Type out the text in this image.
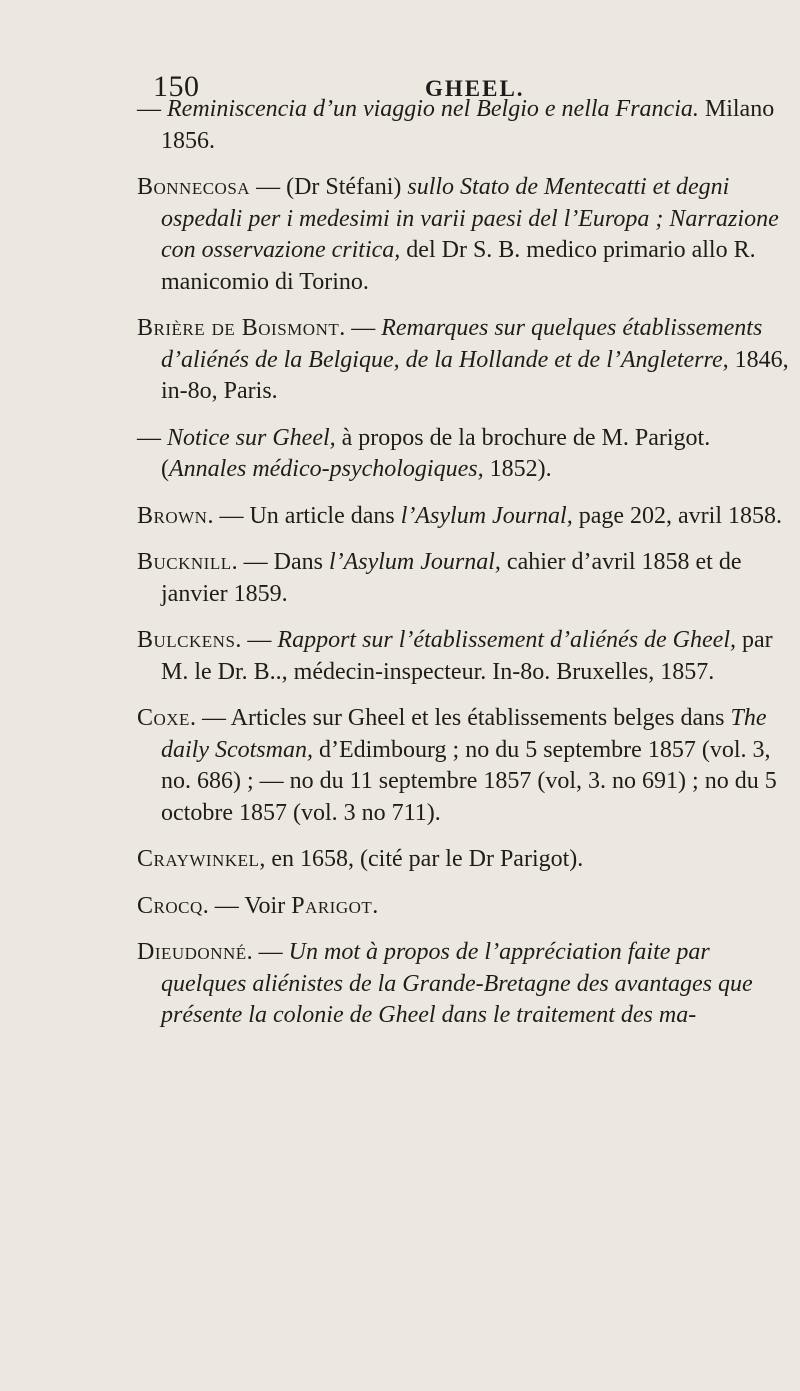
150	GHEEL.

— Reminiscencia d’un viaggio nel Belgio e nella Francia. Milano 1856.

Bonnecosa — (Dr Stéfani) sullo Stato de Mentecatti et degni ospedali per i medesimi in varii paesi del l’Europa ; Narrazione con osservazione critica, del Dr S. B. medico primario allo R. manicomio di Torino.

Brière de Boismont. — Remarques sur quelques établissements d’aliénés de la Belgique, de la Hollande et de l’Angleterre, 1846, in-8o, Paris.

— Notice sur Gheel, à propos de la brochure de M. Parigot. (Annales médico-psychologiques, 1852).

Brown. — Un article dans l’Asylum Journal, page 202, avril 1858.

Bucknill. — Dans l’Asylum Journal, cahier d’avril 1858 et de janvier 1859.

Bulckens. — Rapport sur l’établissement d’aliénés de Gheel, par M. le Dr. B.., médecin-inspecteur. In-8o. Bruxelles, 1857.

Coxe. — Articles sur Gheel et les établissements belges dans The daily Scotsman, d’Edimbourg ; no du 5 septembre 1857 (vol. 3, no. 686) ; — no du 11 septembre 1857 (vol, 3. no 691) ; no du 5 octobre 1857 (vol. 3 no 711).

Craywinkel, en 1658, (cité par le Dr Parigot).

Crocq. — Voir Parigot.

Dieudonné. — Un mot à propos de l’appréciation faite par quelques aliénistes de la Grande-Bretagne des avantages que présente la colonie de Gheel dans le traitement des ma-
